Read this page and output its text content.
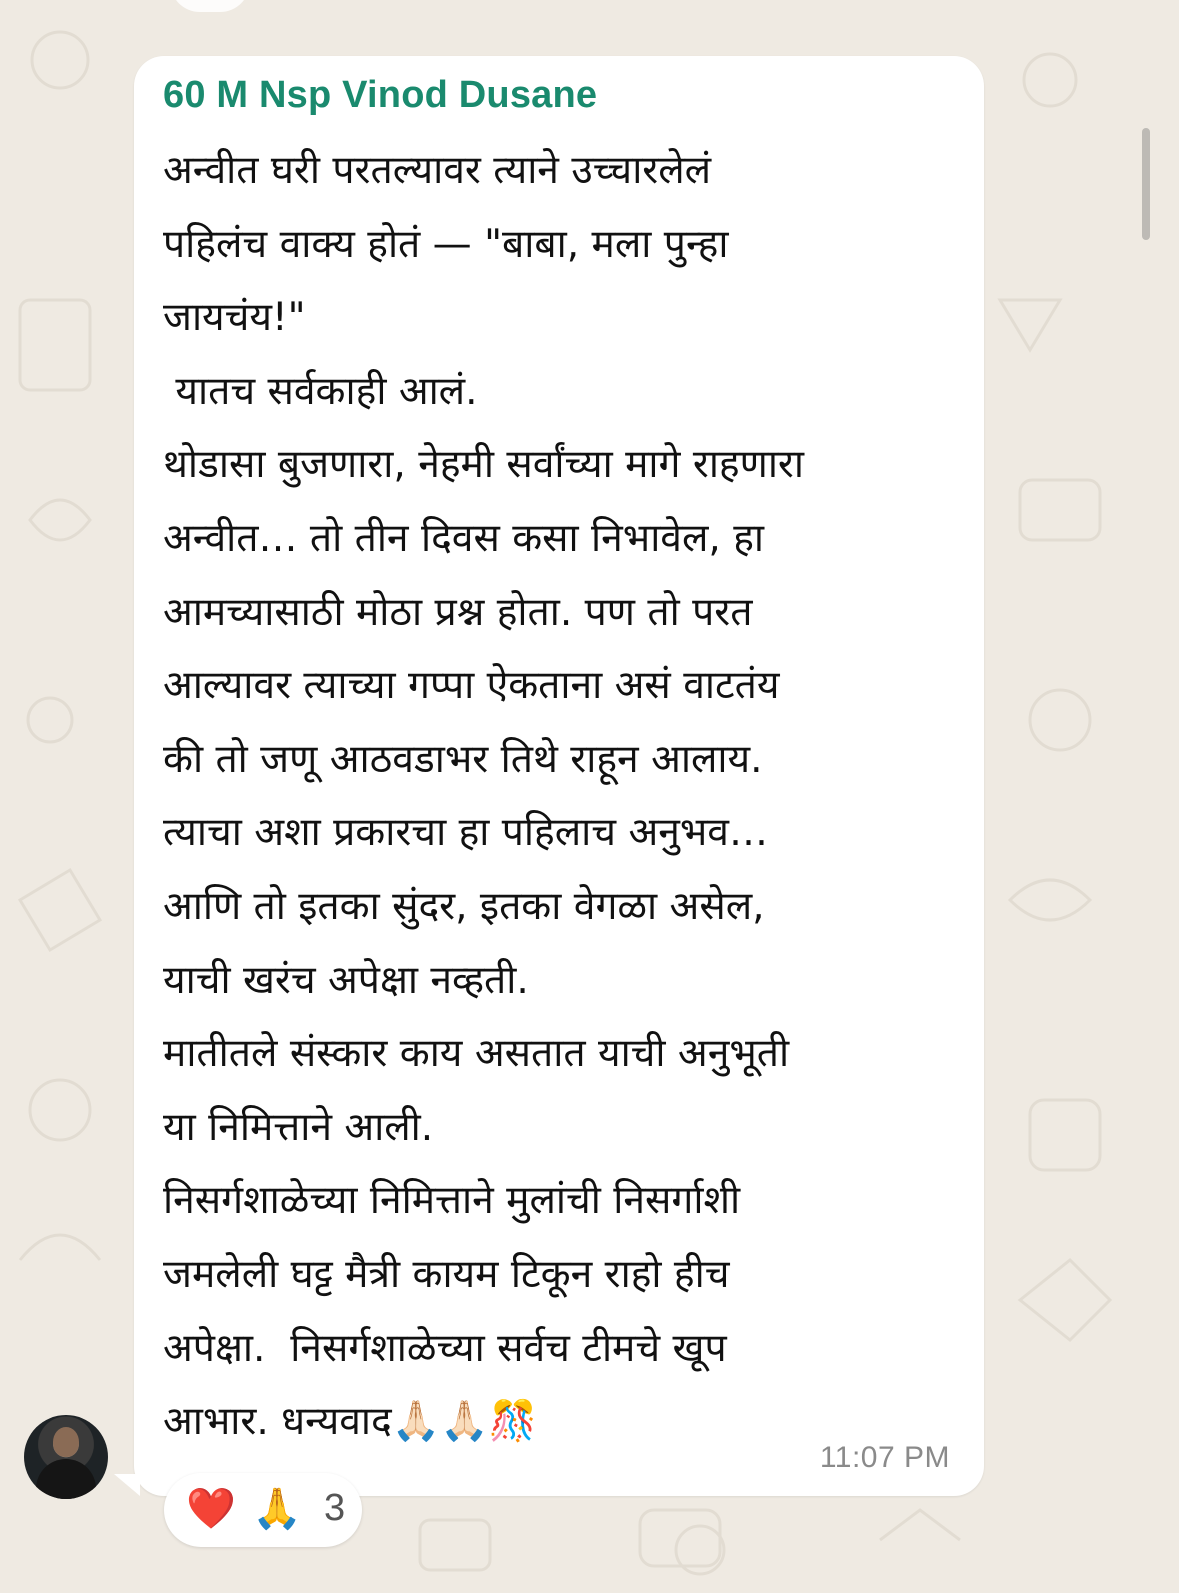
60 M Nsp Vinod Dusane
अन्वीत घरी परतल्यावर त्याने उच्चारलेलं
पहिलंच वाक्य होतं — "बाबा, मला पुन्हा
जायचंय!"
यातच सर्वकाही आलं.
थोडासा बुजणारा, नेहमी सर्वांच्या मागे राहणारा
अन्वीत… तो तीन दिवस कसा निभावेल, हा
आमच्यासाठी मोठा प्रश्न होता. पण तो परत
आल्यावर त्याच्या गप्पा ऐकताना असं वाटतंय
की तो जणू आठवडाभर तिथे राहून आलाय.
त्याचा अशा प्रकारचा हा पहिलाच अनुभव…
आणि तो इतका सुंदर, इतका वेगळा असेल,
याची खरंच अपेक्षा नव्हती.
मातीतले संस्कार काय असतात याची अनुभूती
या निमित्ताने आली.
निसर्गशाळेच्या निमित्ताने मुलांची निसर्गाशी
जमलेली घट्ट मैत्री कायम टिकून राहो हीच
अपेक्षा.  निसर्गशाळेच्या सर्वच टीमचे खूप
आभार. धन्यवाद🙏🏻🙏🏻🎊
11:07 PM
❤️ 🙏 3
